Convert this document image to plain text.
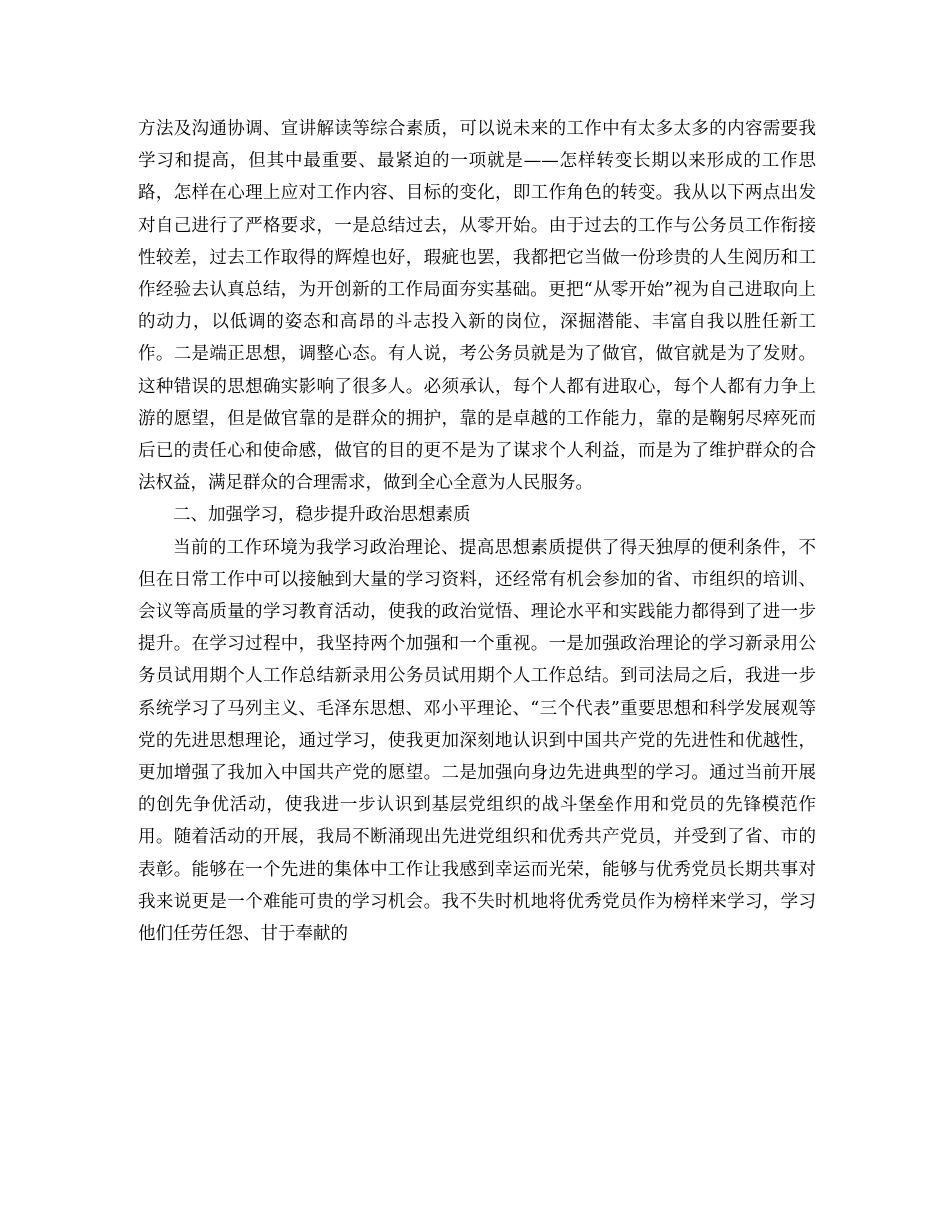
方法及沟通协调、宣讲解读等综合素质，可以说未来的工作中有太多太多的内容需要我学习和提高，但其中最重要、最紧迫的一项就是——怎样转变长期以来形成的工作思路，怎样在心理上应对工作内容、目标的变化，即工作角色的转变。我从以下两点出发对自己进行了严格要求，一是总结过去，从零开始。由于过去的工作与公务员工作衔接性较差，过去工作取得的辉煌也好，瑕疵也罢，我都把它当做一份珍贵的人生阅历和工作经验去认真总结，为开创新的工作局面夯实基础。更把“从零开始”视为自己进取向上的动力，以低调的姿态和高昂的斗志投入新的岗位，深掘潜能、丰富自我以胜任新工作。二是端正思想，调整心态。有人说，考公务员就是为了做官，做官就是为了发财。这种错误的思想确实影响了很多人。必须承认，每个人都有进取心，每个人都有力争上游的愿望，但是做官靠的是群众的拥护，靠的是卓越的工作能力，靠的是鞠躬尽瘁死而后已的责任心和使命感，做官的目的更不是为了谋求个人利益，而是为了维护群众的合法权益，满足群众的合理需求，做到全心全意为人民服务。

二、加强学习，稳步提升政治思想素质

当前的工作环境为我学习政治理论、提高思想素质提供了得天独厚的便利条件，不但在日常工作中可以接触到大量的学习资料，还经常有机会参加的省、市组织的培训、会议等高质量的学习教育活动，使我的政治觉悟、理论水平和实践能力都得到了进一步提升。在学习过程中，我坚持两个加强和一个重视。一是加强政治理论的学习新录用公务员试用期个人工作总结新录用公务员试用期个人工作总结。到司法局之后，我进一步系统学习了马列主义、毛泽东思想、邓小平理论、“三个代表”重要思想和科学发展观等党的先进思想理论，通过学习，使我更加深刻地认识到中国共产党的先进性和优越性，更加增强了我加入中国共产党的愿望。二是加强向身边先进典型的学习。通过当前开展的创先争优活动，使我进一步认识到基层党组织的战斗堡垒作用和党员的先锋模范作用。随着活动的开展，我局不断涌现出先进党组织和优秀共产党员，并受到了省、市的表彰。能够在一个先进的集体中工作让我感到幸运而光荣，能够与优秀党员长期共事对我来说更是一个难能可贵的学习机会。我不失时机地将优秀党员作为榜样来学习，学习他们任劳任怨、甘于奉献的
